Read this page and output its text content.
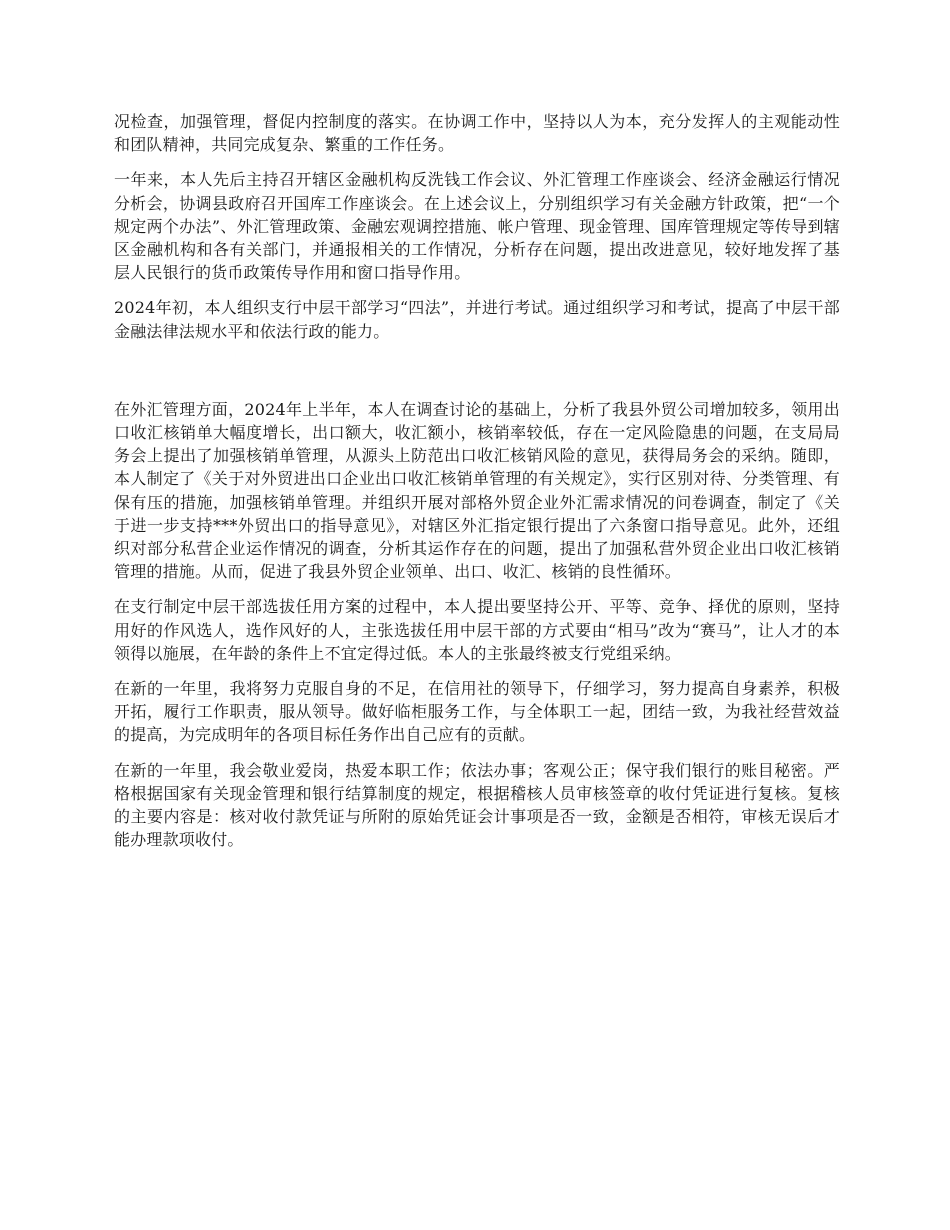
况检查，加强管理，督促内控制度的落实。在协调工作中，坚持以人为本，充分发挥人的主观能动性和团队精神，共同完成复杂、繁重的工作任务。

一年来，本人先后主持召开辖区金融机构反洗钱工作会议、外汇管理工作座谈会、经济金融运行情况分析会，协调县政府召开国库工作座谈会。在上述会议上，分别组织学习有关金融方针政策，把“一个规定两个办法”、外汇管理政策、金融宏观调控措施、帐户管理、现金管理、国库管理规定等传导到辖区金融机构和各有关部门，并通报相关的工作情况，分析存在问题，提出改进意见，较好地发挥了基层人民银行的货币政策传导作用和窗口指导作用。

2024年初，本人组织支行中层干部学习“四法”，并进行考试。通过组织学习和考试，提高了中层干部金融法律法规水平和依法行政的能力。

在外汇管理方面，2024年上半年，本人在调查讨论的基础上，分析了我县外贸公司增加较多，领用出口收汇核销单大幅度增长，出口额大，收汇额小，核销率较低，存在一定风险隐患的问题，在支局局务会上提出了加强核销单管理，从源头上防范出口收汇核销风险的意见，获得局务会的采纳。随即，本人制定了《关于对外贸进出口企业出口收汇核销单管理的有关规定》，实行区别对待、分类管理、有保有压的措施，加强核销单管理。并组织开展对部格外贸企业外汇需求情况的问卷调查，制定了《关于进一步支持***外贸出口的指导意见》，对辖区外汇指定银行提出了六条窗口指导意见。此外，还组织对部分私营企业运作情况的调查，分析其运作存在的问题，提出了加强私营外贸企业出口收汇核销管理的措施。从而，促进了我县外贸企业领单、出口、收汇、核销的良性循环。

在支行制定中层干部选拔任用方案的过程中，本人提出要坚持公开、平等、竞争、择优的原则，坚持用好的作风选人，选作风好的人，主张选拔任用中层干部的方式要由“相马”改为“赛马”，让人才的本领得以施展，在年龄的条件上不宜定得过低。本人的主张最终被支行党组采纳。

在新的一年里，我将努力克服自身的不足，在信用社的领导下，仔细学习，努力提高自身素养，积极开拓，履行工作职责，服从领导。做好临柜服务工作，与全体职工一起，团结一致，为我社经营效益的提高，为完成明年的各项目标任务作出自己应有的贡献。

在新的一年里，我会敬业爱岗，热爱本职工作；依法办事；客观公正；保守我们银行的账目秘密。严格根据国家有关现金管理和银行结算制度的规定，根据稽核人员审核签章的收付凭证进行复核。复核的主要内容是：核对收付款凭证与所附的原始凭证会计事项是否一致，金额是否相符，审核无误后才能办理款项收付。
